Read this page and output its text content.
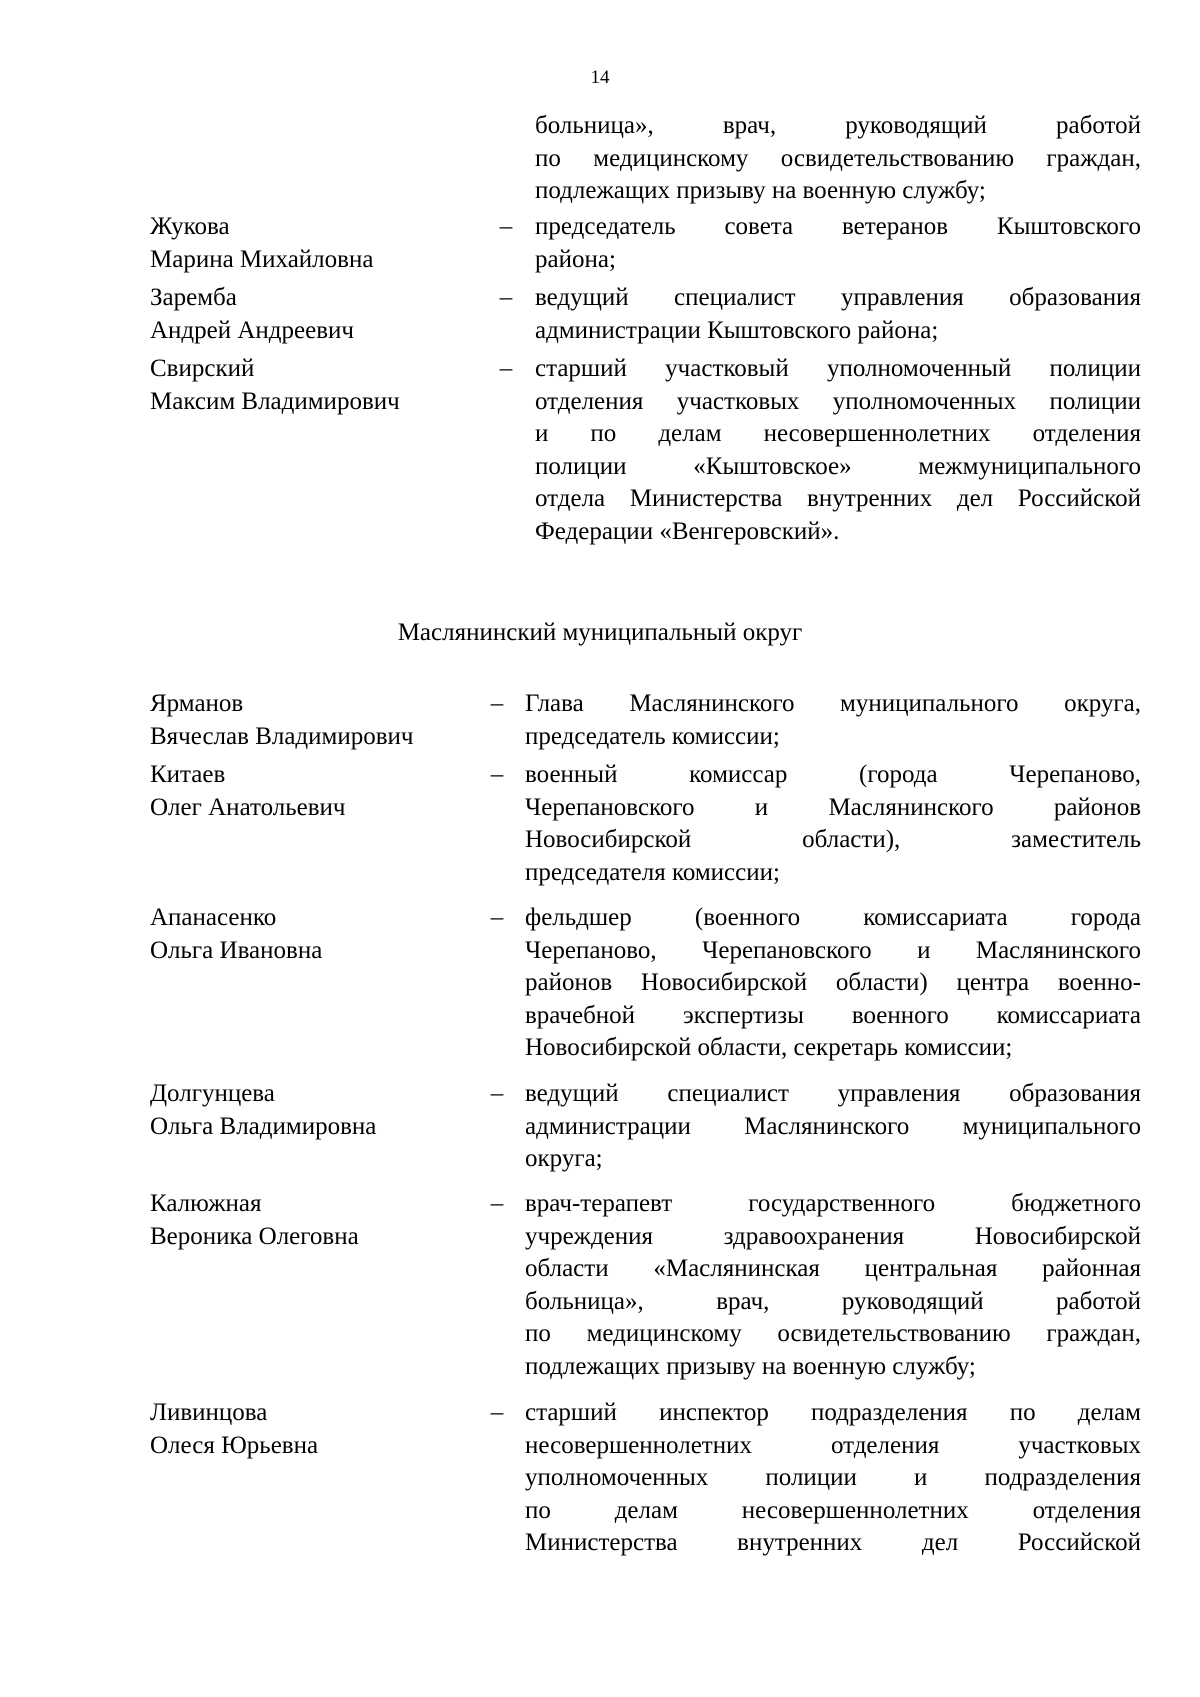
14
больница», врач, руководящий работой
по медицинскому освидетельствованию граждан,
подлежащих призыву на военную службу;
Жукова
Марина Михайловна
– председатель совета ветеранов Кыштовского
района;
Заремба
Андрей Андреевич
– ведущий специалист управления образования
администрации Кыштовского района;
Свирский
Максим Владимирович
– старший участковый уполномоченный полиции
отделения участковых уполномоченных полиции
и по делам несовершеннолетних отделения
полиции «Кыштовское» межмуниципального
отдела Министерства внутренних дел Российской
Федерации «Венгеровский».
Маслянинский муниципальный округ
Ярманов
Вячеслав Владимирович
– Глава Маслянинского муниципального округа,
председатель комиссии;
Китаев
Олег Анатольевич
– военный комиссар (города Черепаново,
Черепановского и Маслянинского районов
Новосибирской области), заместитель
председателя комиссии;
Апанасенко
Ольга Ивановна
– фельдшер (военного комиссариата города
Черепаново, Черепановского и Маслянинского
районов Новосибирской области) центра военно-
врачебной экспертизы военного комиссариата
Новосибирской области, секретарь комиссии;
Долгунцева
Ольга Владимировна
– ведущий специалист управления образования
администрации Маслянинского муниципального
округа;
Калюжная
Вероника Олеговна
– врач-терапевт государственного бюджетного
учреждения здравоохранения Новосибирской
области «Маслянинская центральная районная
больница», врач, руководящий работой
по медицинскому освидетельствованию граждан,
подлежащих призыву на военную службу;
Ливинцова
Олеся Юрьевна
– старший инспектор подразделения по делам
несовершеннолетних отделения участковых
уполномоченных полиции и подразделения
по делам несовершеннолетних отделения
Министерства внутренних дел Российской
